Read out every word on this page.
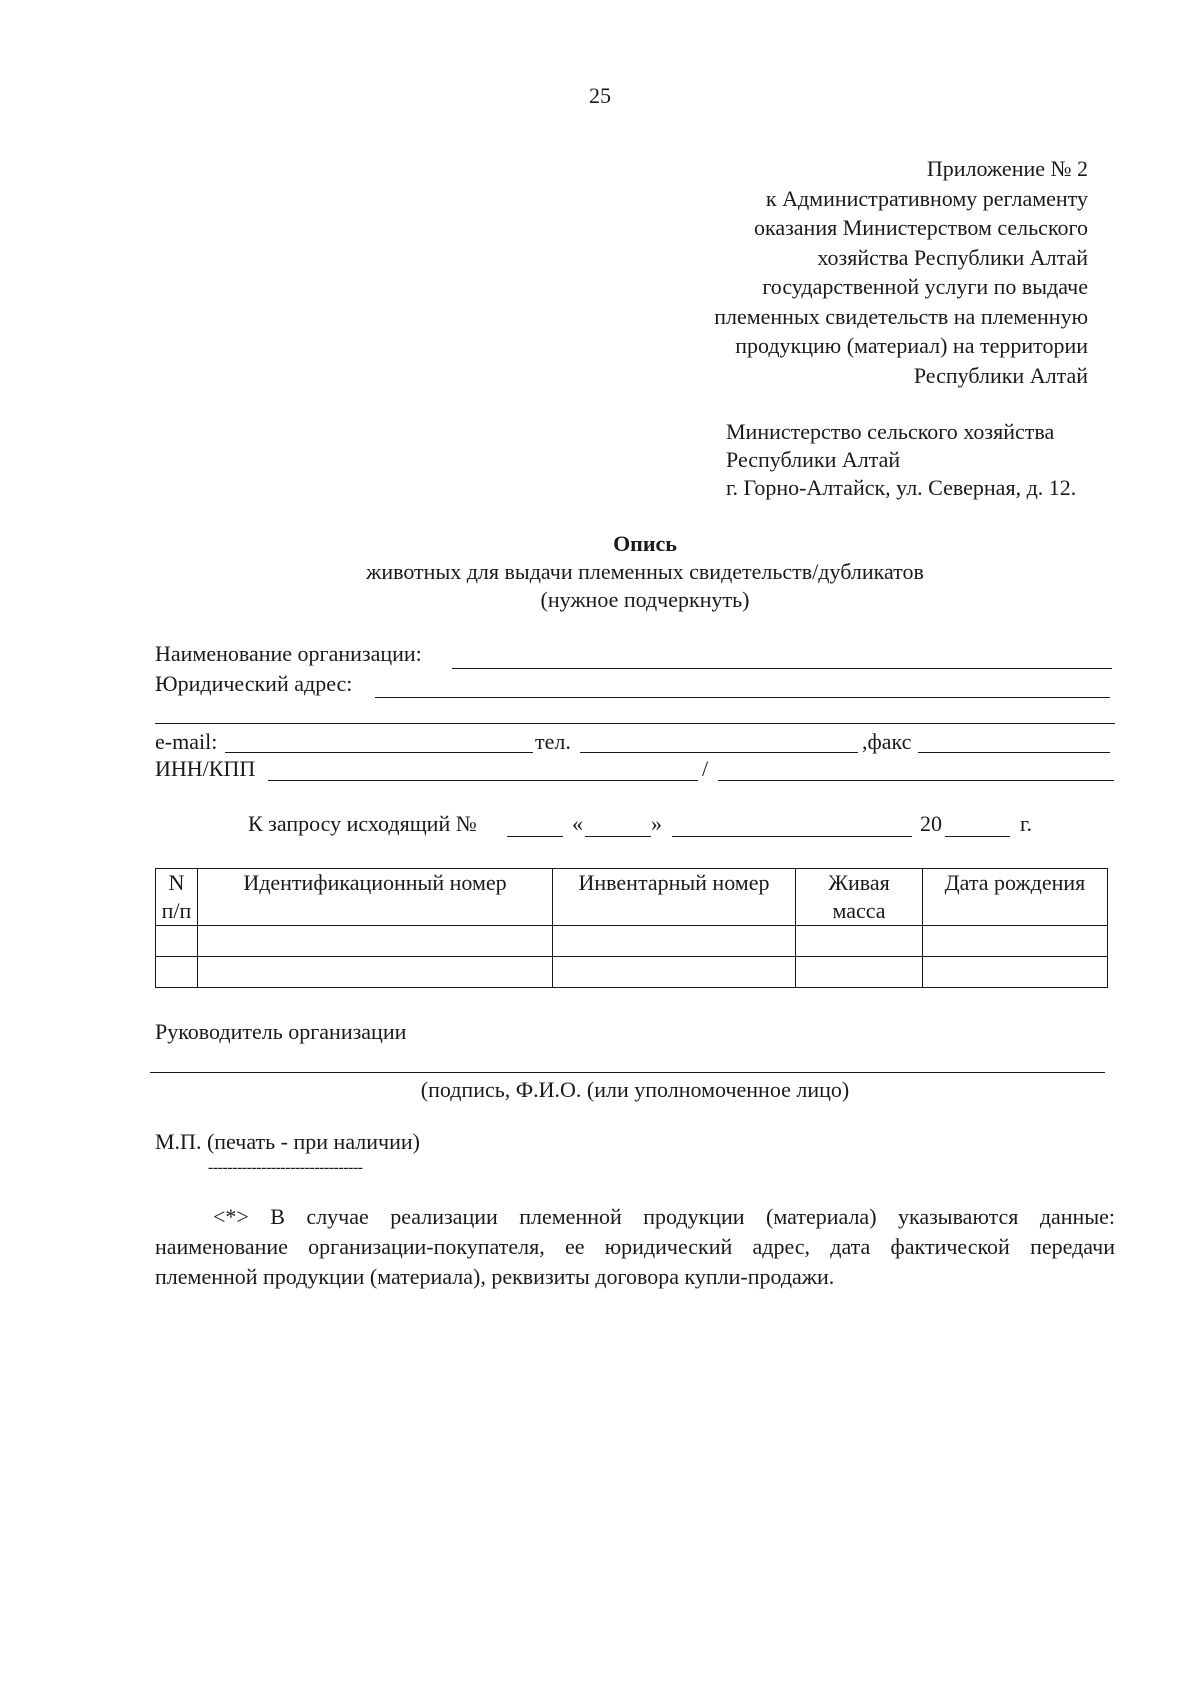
25
Приложение № 2
к Административному регламенту
оказания Министерством сельского
хозяйства Республики Алтай
государственной услуги по выдаче
племенных свидетельств на племенную
продукцию (материал) на территории
Республики Алтай
Министерство сельского хозяйства
Республики Алтай
г. Горно-Алтайск, ул. Северная, д. 12.
Опись
животных для выдачи племенных свидетельств/дубликатов
(нужное подчеркнуть)
Наименование организации:
Юридический адрес:
e-mail:	тел.	,факс
ИНН/КПП	/
К запросу исходящий №	«	»	20	г.
N п/п	Идентификационный номер	Инвентарный номер	Живая масса	Дата рождения

Руководитель организации
(подпись, Ф.И.О. (или уполномоченное лицо)
М.П. (печать - при наличии)
--------------------------------
<*> В случае реализации племенной продукции (материала) указываются данные: наименование организации-покупателя, ее юридический адрес, дата фактической передачи племенной продукции (материала), реквизиты договора купли-продажи.
